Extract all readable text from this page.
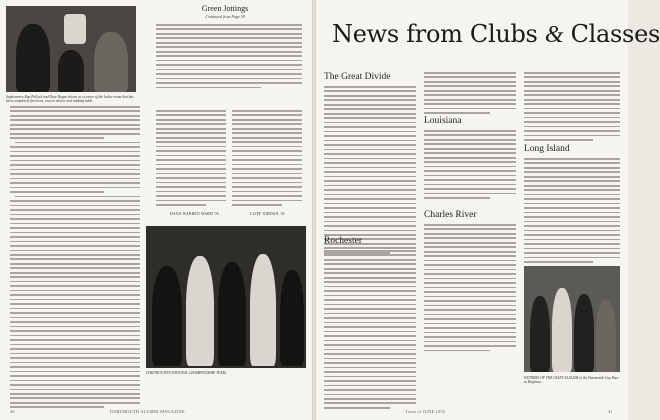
Sophomores Rap Pollock and Dave Regan shown in a corner of the locker room that has been completely fitted out, even to shaver and rubbing table.
Green Jottings
Continued from Page 38
DANA WARREN WARD '55	CLIFF JORDAN '45
DARTMOUTH'S NATIONAL CHAMPIONSHIP TEAM...
40	DARTMOUTH ALUMNI MAGAZINE
News from Clubs & Classes
The Great Divide
Rochester
Louisiana
Charles River
Long Island
WINNERS OF THE GIANT SLALOM in the Dartmouth Cup Race at Brighton...
Issue of JUNE 1955	41
